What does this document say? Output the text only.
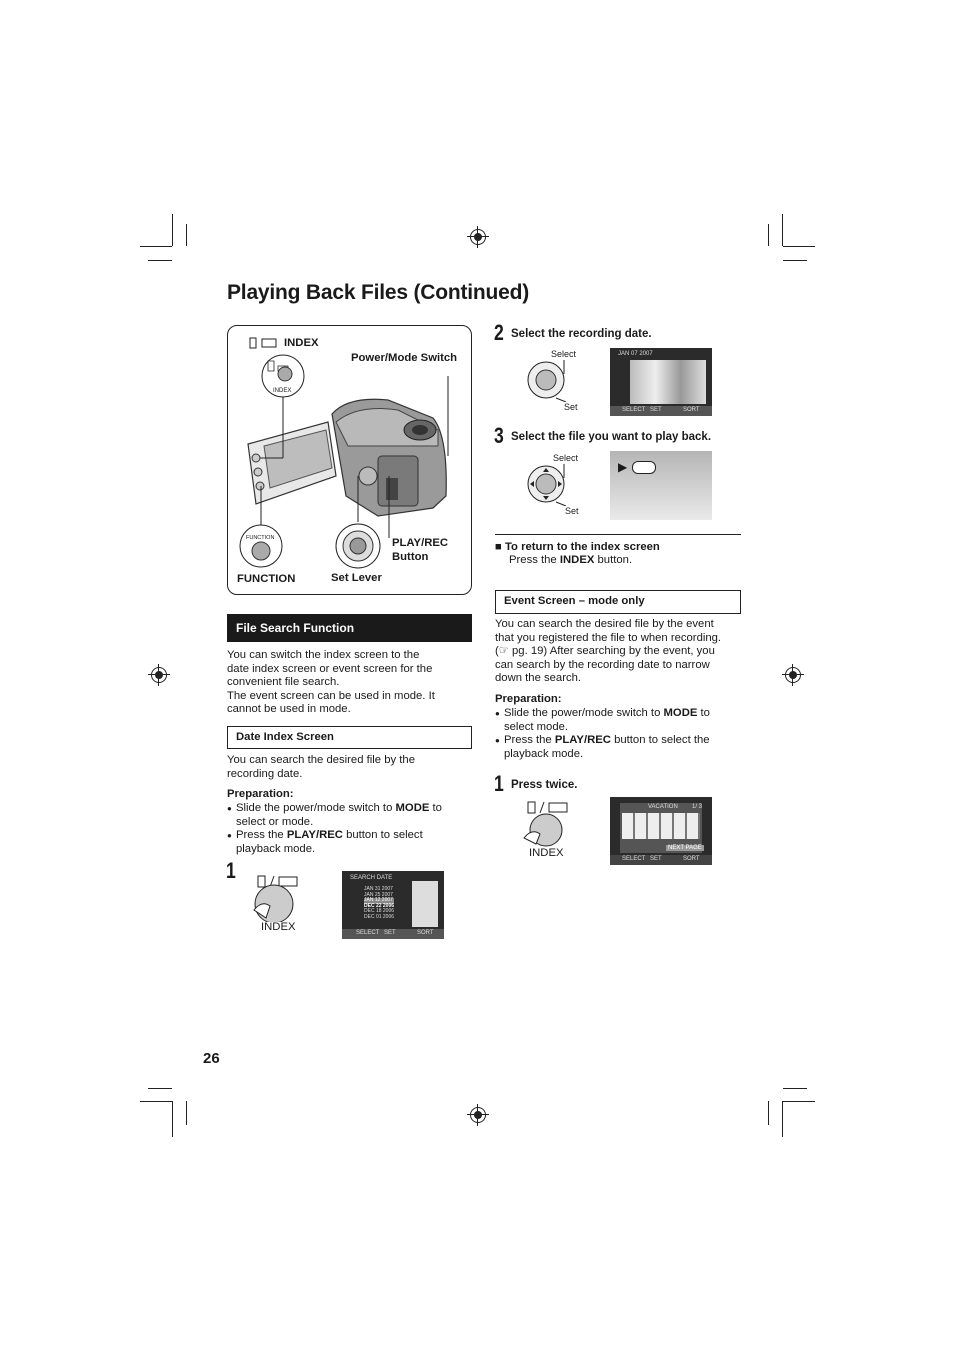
Playing Back Files (Continued)
INDEX
INDEX
Power/Mode Switch
FUNCTION
FUNCTION	Set Lever
PLAY/REC
Button
File Search Function
You can switch the index screen to the
date index screen or event screen for the
convenient file search.
The event screen can be used in mode. It
cannot be used in mode.
Date Index Screen
You can search the desired file by the
recording date.
Preparation:
● Slide the power/mode switch to MODE to
select or mode.
● Press the PLAY/REC button to select
playback mode.
1
INDEX
SEARCH DATE
JAN 31 2007
JAN 25 2007
JAN 12 2007
DEC 22 2006
DEC 18 2006
DEC 01 2006
SELECT SET	SORT
2 Select the recording date.
Select
Set
JAN 07 2007
SELECT SET	SORT
3 Select the file you want to play back.
Select
Set
▶
■ To return to the index screen
Press the INDEX button.
Event Screen – mode only
You can search the desired file by the event
that you registered the file to when recording.
(☞ pg. 19) After searching by the event, you
can search by the recording date to narrow
down the search.
Preparation:
● Slide the power/mode switch to MODE to
select mode.
● Press the PLAY/REC button to select the
playback mode.
1 Press twice.
INDEX
VACATION 1/ 3
NEXT PAGE
SELECT SET	SORT
26
